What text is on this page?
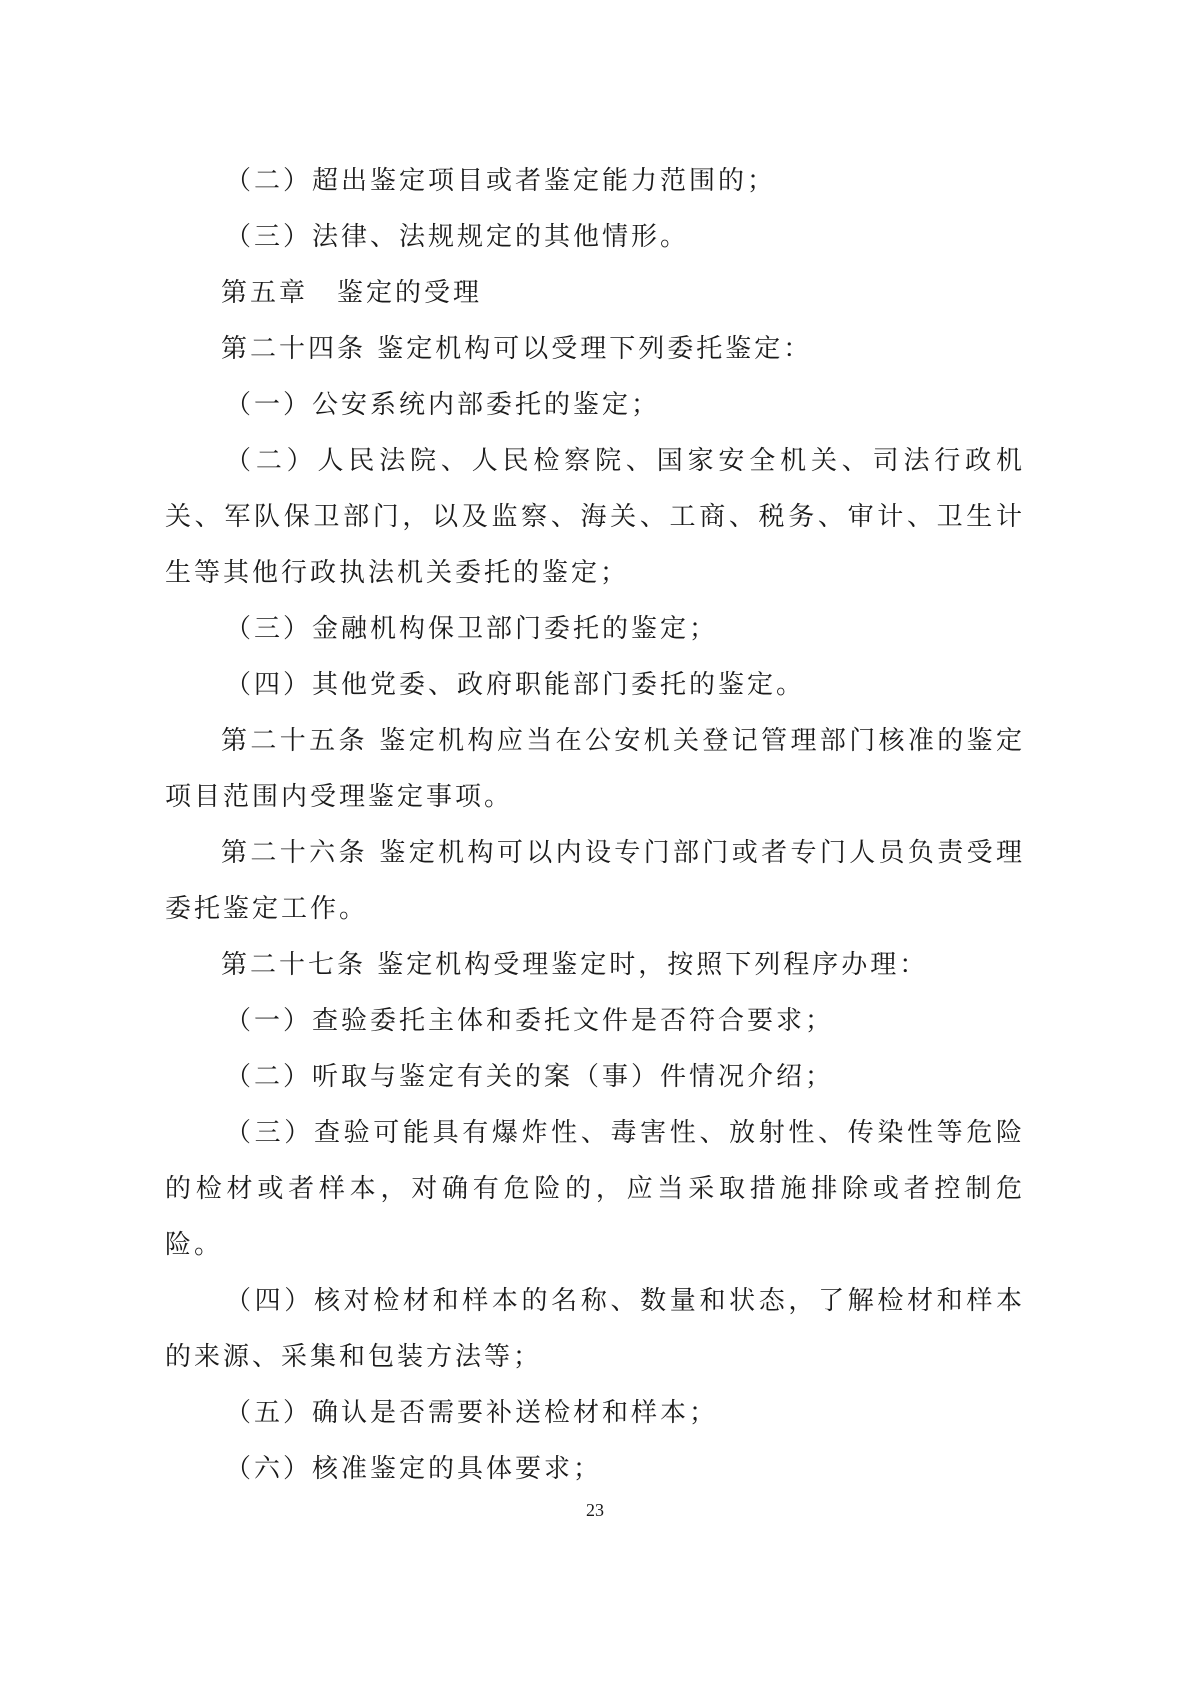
（二）超出鉴定项目或者鉴定能力范围的；

（三）法律、法规规定的其他情形。

第五章　鉴定的受理

第二十四条 鉴定机构可以受理下列委托鉴定：

（一）公安系统内部委托的鉴定；

（二）人民法院、人民检察院、国家安全机关、司法行政机关、军队保卫部门，以及监察、海关、工商、税务、审计、卫生计生等其他行政执法机关委托的鉴定；

（三）金融机构保卫部门委托的鉴定；

（四）其他党委、政府职能部门委托的鉴定。

第二十五条 鉴定机构应当在公安机关登记管理部门核准的鉴定项目范围内受理鉴定事项。

第二十六条 鉴定机构可以内设专门部门或者专门人员负责受理委托鉴定工作。

第二十七条 鉴定机构受理鉴定时，按照下列程序办理：

（一）查验委托主体和委托文件是否符合要求；

（二）听取与鉴定有关的案（事）件情况介绍；

（三）查验可能具有爆炸性、毒害性、放射性、传染性等危险的检材或者样本，对确有危险的，应当采取措施排除或者控制危险。

（四）核对检材和样本的名称、数量和状态，了解检材和样本的来源、采集和包装方法等；

（五）确认是否需要补送检材和样本；

（六）核准鉴定的具体要求；

23
